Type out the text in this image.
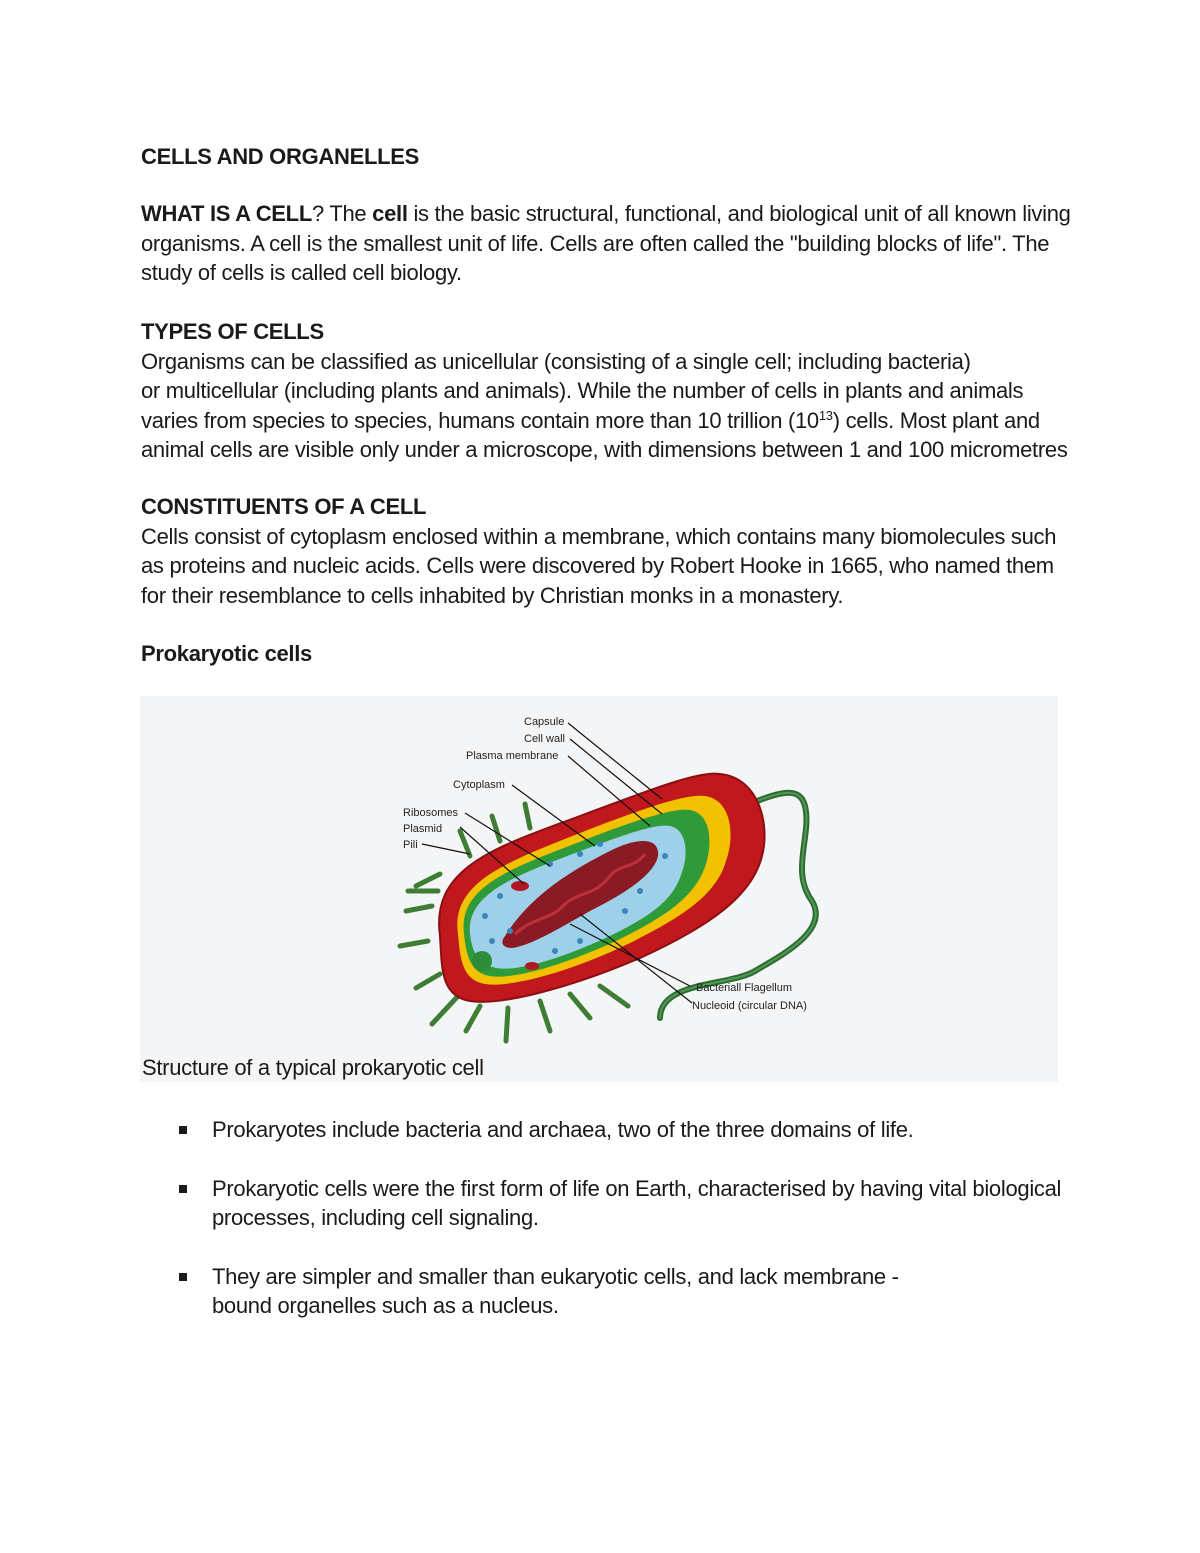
CELLS AND ORGANELLES
WHAT IS A CELL? The cell is the basic structural, functional, and biological unit of all known living
organisms. A cell is the smallest unit of life. Cells are often called the "building blocks of life". The
study of cells is called cell biology.
TYPES OF CELLS
Organisms can be classified as unicellular (consisting of a single cell; including bacteria)
or multicellular (including plants and animals). While the number of cells in plants and animals
varies from species to species, humans contain more than 10 trillion $(10^{13})$ cells. Most plant and
animal cells are visible only under a microscope, with dimensions between 1 and 100 micrometres
CONSTITUENTS OF A CELL
Cells consist of cytoplasm enclosed within a membrane, which contains many biomolecules such
as proteins and nucleic acids. Cells were discovered by Robert Hooke in 1665, who named them
for their resemblance to cells inhabited by Christian monks in a monastery.
Prokaryotic cells
Capsule
Cell wall
Plasma membrane
Cytoplasm
Ribosomes
Plasmid
Pili
Bacteriall Flagellum
Nucleoid (circular DNA)
Structure of a typical prokaryotic cell
Prokaryotes include bacteria and archaea, two of the three domains of life.
Prokaryotic cells were the first form of life on Earth, characterised by having vital biological
processes, including cell signaling.
They are simpler and smaller than eukaryotic cells, and lack membrane -
bound organelles such as a nucleus.
